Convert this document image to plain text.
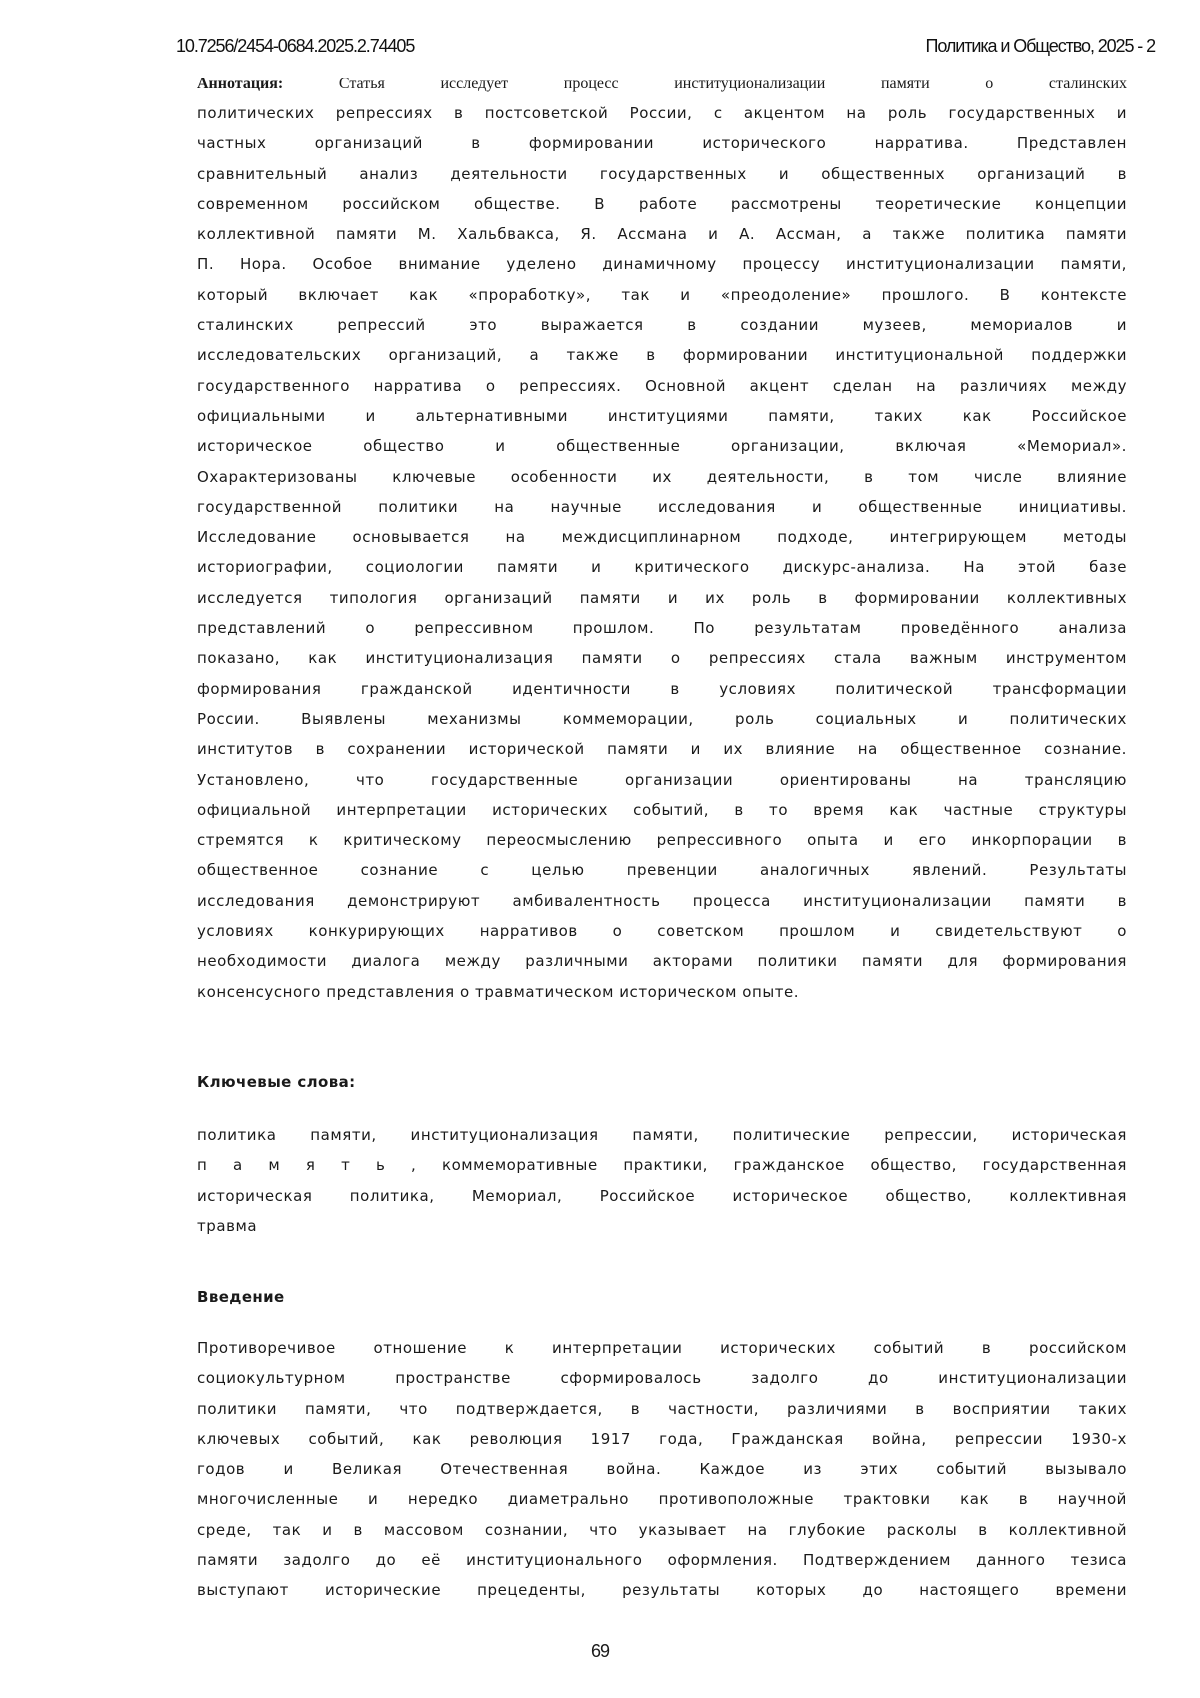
10.7256/2454-0684.2025.2.74405	Политика и Общество, 2025 - 2
Аннотация:	Статья исследует процесс институционализации памяти о сталинских
политических репрессиях в постсоветской России, с акцентом на роль государственных и
частных организаций в формировании исторического нарратива. Представлен
сравнительный анализ деятельности государственных и общественных организаций в
современном российском обществе. В работе рассмотрены теоретические концепции
коллективной памяти М. Хальбвакса, Я. Ассмана и А. Ассман, а также политика памяти
П. Нора. Особое внимание уделено динамичному процессу институционализации памяти,
который включает как «проработку», так и «преодоление» прошлого. В контексте
сталинских репрессий это выражается в создании музеев, мемориалов и
исследовательских организаций, а также в формировании институциональной поддержки
государственного нарратива о репрессиях. Основной акцент сделан на различиях между
официальными и альтернативными институциями памяти, таких как Российское
историческое общество и общественные организации, включая «Мемориал».
Охарактеризованы ключевые особенности их деятельности, в том числе влияние
государственной политики на научные исследования и общественные инициативы.
Исследование основывается на междисциплинарном подходе, интегрирующем методы
историографии, социологии памяти и критического дискурс-анализа. На этой базе
исследуется типология организаций памяти и их роль в формировании коллективных
представлений о репрессивном прошлом. По результатам проведённого анализа
показано, как институционализация памяти о репрессиях стала важным инструментом
формирования гражданской идентичности в условиях политической трансформации
России. Выявлены механизмы коммеморации, роль социальных и политических
институтов в сохранении исторической памяти и их влияние на общественное сознание.
Установлено, что государственные организации ориентированы на трансляцию
официальной интерпретации исторических событий, в то время как частные структуры
стремятся к критическому переосмыслению репрессивного опыта и его инкорпорации в
общественное сознание с целью превенции аналогичных явлений. Результаты
исследования демонстрируют амбивалентность процесса институционализации памяти в
условиях конкурирующих нарративов о советском прошлом и свидетельствуют о
необходимости диалога между различными акторами политики памяти для формирования
консенсусного представления о травматическом историческом опыте.
Ключевые слова:
политика памяти, институционализация памяти, политические репрессии, историческая
п а м я т ь , коммеморативные практики, гражданское общество, государственная
историческая политика, Мемориал, Российское историческое общество, коллективная
травма
Введение
Противоречивое отношение к интерпретации исторических событий в российском
социокультурном пространстве сформировалось задолго до институционализации
политики памяти, что подтверждается, в частности, различиями в восприятии таких
ключевых событий, как революция 1917 года, Гражданская война, репрессии 1930-х
годов и Великая Отечественная война. Каждое из этих событий вызывало
многочисленные и нередко диаметрально противоположные трактовки как в научной
среде, так и в массовом сознании, что указывает на глубокие расколы в коллективной
памяти задолго до её институционального оформления. Подтверждением данного тезиса
выступают исторические прецеденты, результаты которых до настоящего времени
69
